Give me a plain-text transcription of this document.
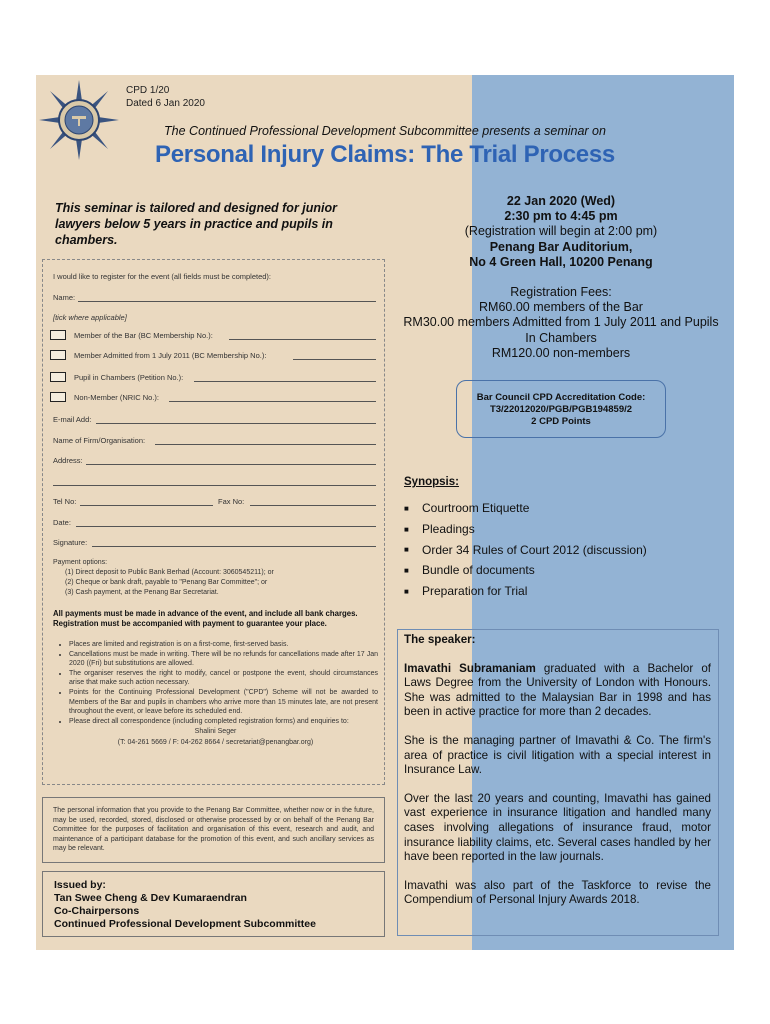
CPD 1/20
Dated 6 Jan 2020
The Continued Professional Development Subcommittee presents a seminar on
Personal Injury Claims: The Trial Process
This seminar is tailored and designed for junior lawyers below 5 years in practice and pupils in chambers.
22 Jan 2020 (Wed)
2:30 pm to 4:45 pm
(Registration will begin at 2:00 pm)
Penang Bar Auditorium,
No 4 Green Hall, 10200 Penang
Registration Fees:
RM60.00 members of the Bar
RM30.00 members Admitted from 1 July 2011 and Pupils In Chambers
RM120.00 non-members
Bar Council CPD Accreditation Code:
T3/22012020/PGB/PGB194859/2
2 CPD Points
I would like to register for the event (all fields must be completed):
Name:
[tick where applicable]
Member of the Bar (BC Membership No.):
Member Admitted from 1 July 2011 (BC Membership No.):
Pupil in Chambers (Petition No.):
Non-Member (NRIC No.):
E-mail Add:
Name of Firm/Organisation:
Address:
Tel No:	Fax No:
Date:
Signature:
Payment options:
(1) Direct deposit to Public Bank Berhad (Account: 3060545211); or
(2) Cheque or bank draft, payable to "Penang Bar Committee"; or
(3) Cash payment, at the Penang Bar Secretariat.
All payments must be made in advance of the event, and include all bank charges. Registration must be accompanied with payment to guarantee your place.
• Places are limited and registration is on a first-come, first-served basis.
• Cancellations must be made in writing. There will be no refunds for cancellations made after 17 Jan 2020 ((Fri) but substitutions are allowed.
• The organiser reserves the right to modify, cancel or postpone the event, should circumstances arise that make such action necessary.
• Points for the Continuing Professional Development ("CPD") Scheme will not be awarded to Members of the Bar and pupils in chambers who arrive more than 15 minutes late, are not present throughout the event, or leave before its scheduled end.
• Please direct all correspondence (including completed registration forms) and enquiries to:
Shalini Seger
(T: 04-261 5669 / F: 04-262 8664 / secretariat@penangbar.org)
The personal information that you provide to the Penang Bar Committee, whether now or in the future, may be used, recorded, stored, disclosed or otherwise processed by or on behalf of the Penang Bar Committee for the purposes of facilitation and organisation of this event, research and audit, and maintenance of a participant database for the promotion of this event, and such ancillary services as may be relevant.
Issued by:
Tan Swee Cheng & Dev Kumaraendran
Co-Chairpersons
Continued Professional Development Subcommittee
Synopsis:
■	Courtroom Etiquette
■	Pleadings
■	Order 34 Rules of Court 2012 (discussion)
■	Bundle of documents
■	Preparation for Trial
The speaker:

Imavathi Subramaniam graduated with a Bachelor of Laws Degree from the University of London with Honours. She was admitted to the Malaysian Bar in 1998 and has been in active practice for more than 2 decades.

She is the managing partner of Imavathi & Co. The firm's area of practice is civil litigation with a special interest in Insurance Law.

Over the last 20 years and counting, Imavathi has gained vast experience in insurance litigation and handled many cases involving allegations of insurance fraud, motor insurance liability claims, etc. Several cases handled by her have been reported in the law journals.

Imavathi was also part of the Taskforce to revise the Compendium of Personal Injury Awards 2018.
